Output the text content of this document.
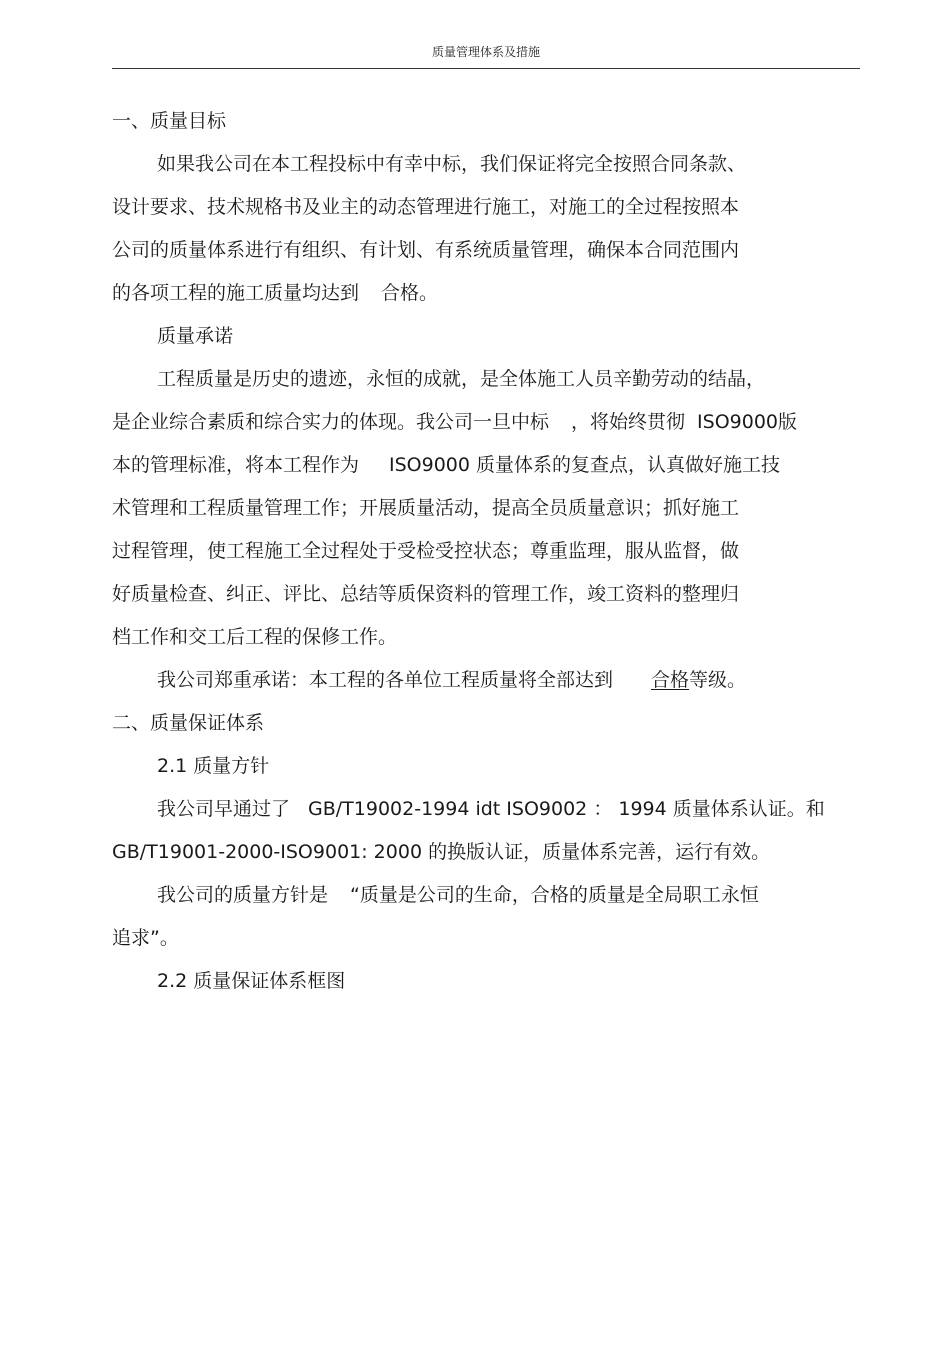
质量管理体系及措施
一、质量目标
如果我公司在本工程投标中有幸中标，我们保证将完全按照合同条款、
设计要求、技术规格书及业主的动态管理进行施工，对施工的全过程按照本
公司的质量体系进行有组织、有计划、有系统质量管理，确保本合同范围内
的各项工程的施工质量均达到 合格。
质量承诺
工程质量是历史的遗迹，永恒的成就，是全体施工人员辛勤劳动的结晶，
是企业综合素质和综合实力的体现。我公司一旦中标 ，将始终贯彻 ISO9000版
本的管理标准，将本工程作为 ISO9000 质量体系的复查点，认真做好施工技
术管理和工程质量管理工作；开展质量活动，提高全员质量意识；抓好施工
过程管理，使工程施工全过程处于受检受控状态；尊重监理，服从监督，做
好质量检查、纠正、评比、总结等质保资料的管理工作，竣工资料的整理归
档工作和交工后工程的保修工作。
我公司郑重承诺：本工程的各单位工程质量将全部达到 合格等级。
二、质量保证体系
2.1 质量方针
我公司早通过了 GB/T19002-1994 idt ISO9002 ： 1994 质量体系认证。和
GB/T19001-2000-ISO9001: 2000 的换版认证，质量体系完善，运行有效。
我公司的质量方针是 “质量是公司的生命，合格的质量是全局职工永恒
追求”。
2.2 质量保证体系框图
